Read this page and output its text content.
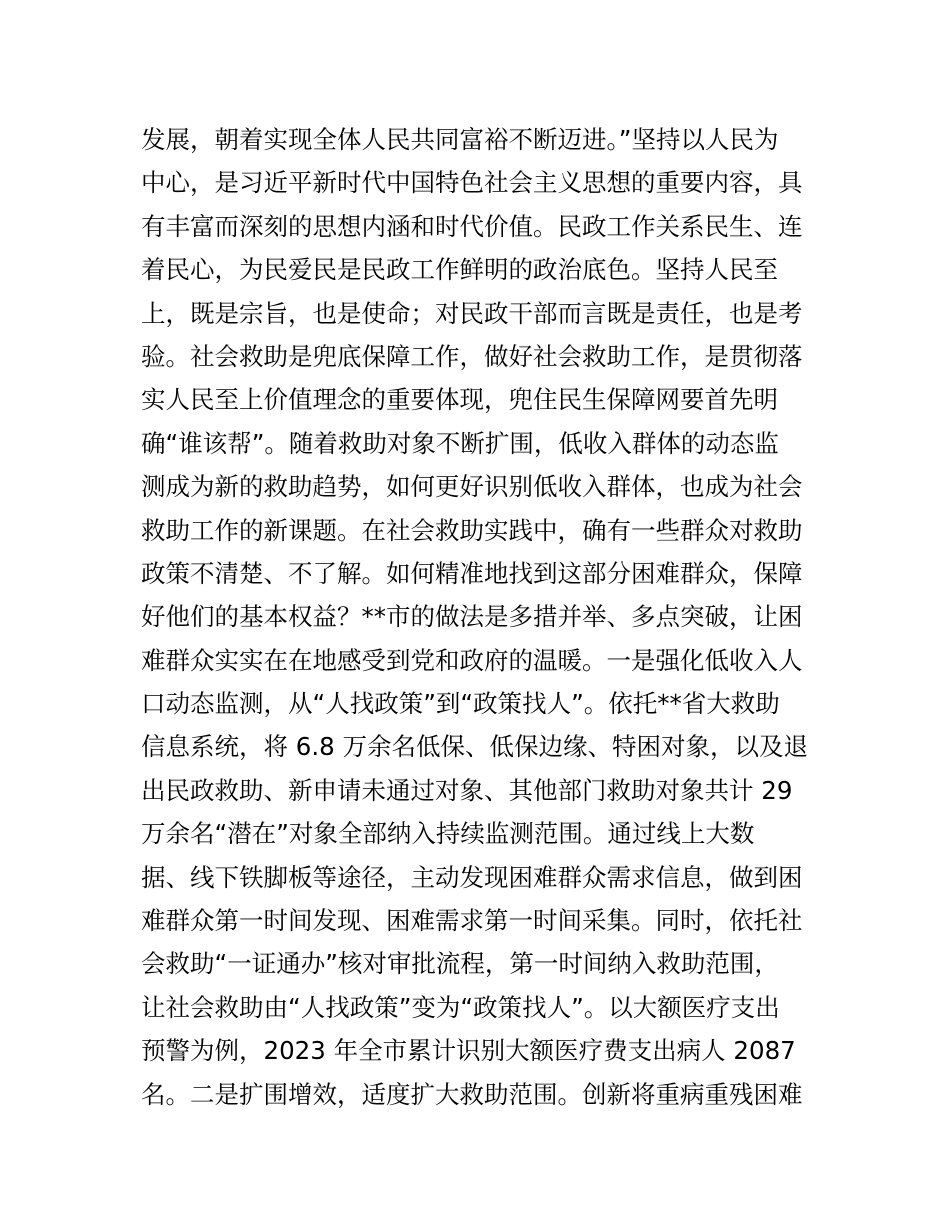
发展，朝着实现全体人民共同富裕不断迈进。”坚持以人民为
中心，是习近平新时代中国特色社会主义思想的重要内容，具
有丰富而深刻的思想内涵和时代价值。民政工作关系民生、连
着民心，为民爱民是民政工作鲜明的政治底色。坚持人民至
上，既是宗旨，也是使命；对民政干部而言既是责任，也是考
验。社会救助是兜底保障工作，做好社会救助工作，是贯彻落
实人民至上价值理念的重要体现，兜住民生保障网要首先明
确“谁该帮”。随着救助对象不断扩围，低收入群体的动态监
测成为新的救助趋势，如何更好识别低收入群体，也成为社会
救助工作的新课题。在社会救助实践中，确有一些群众对救助
政策不清楚、不了解。如何精准地找到这部分困难群众，保障
好他们的基本权益？**市的做法是多措并举、多点突破，让困
难群众实实在在地感受到党和政府的温暖。一是强化低收入人
口动态监测，从“人找政策”到“政策找人”。依托**省大救助
信息系统，将 6.8 万余名低保、低保边缘、特困对象，以及退
出民政救助、新申请未通过对象、其他部门救助对象共计 29
万余名“潜在”对象全部纳入持续监测范围。通过线上大数
据、线下铁脚板等途径，主动发现困难群众需求信息，做到困
难群众第一时间发现、困难需求第一时间采集。同时，依托社
会救助“一证通办”核对审批流程，第一时间纳入救助范围，
让社会救助由“人找政策”变为“政策找人”。以大额医疗支出
预警为例，2023 年全市累计识别大额医疗费支出病人 2087
名。二是扩围增效，适度扩大救助范围。创新将重病重残困难
